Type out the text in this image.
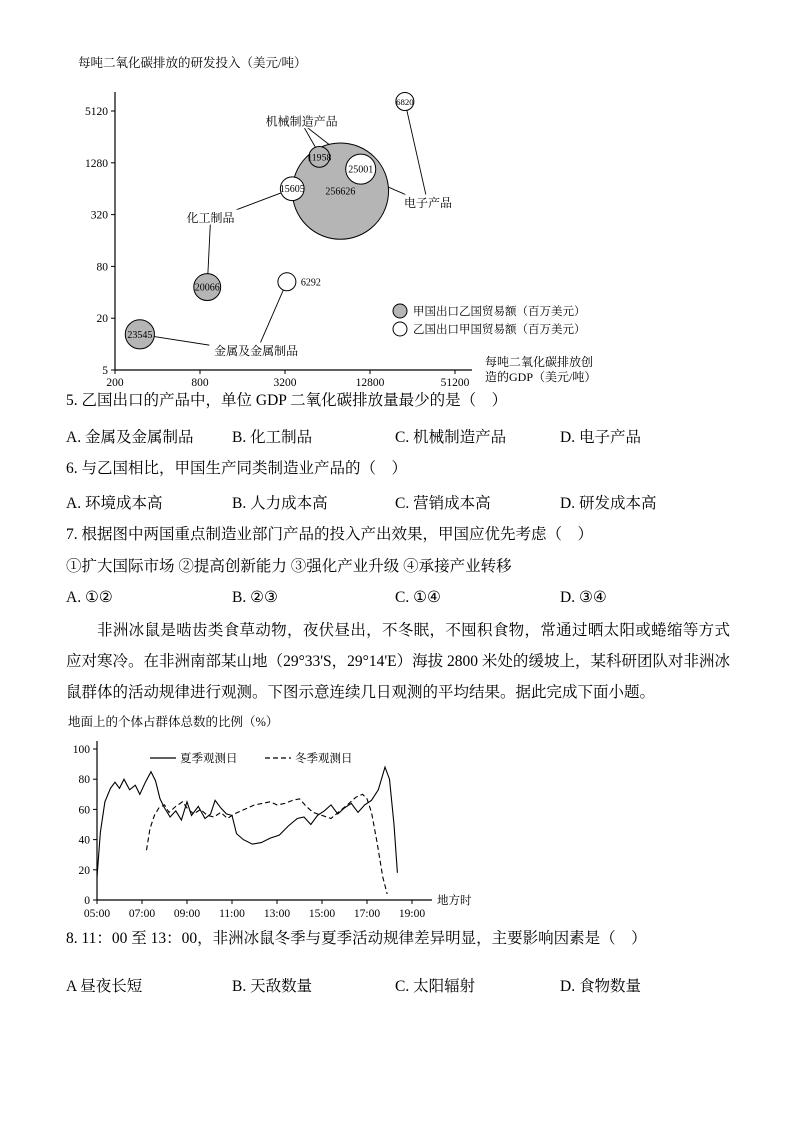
每吨二氧化碳排放的研发投入（美元/吨）
5
20
80
320
1280
5120
200	800	3200	12800	51200
每吨二氧化碳排放创
造的GDP（美元/吨）
256626
25001
23545
20066
15605
11958
6820
6292
机械制造产品
化工制品
金属及金属制品
电子产品
甲国出口乙国贸易额（百万美元）
乙国出口甲国贸易额（百万美元）
5. 乙国出口的产品中，单位 GDP 二氧化碳排放量最少的是（　）
A. 金属及金属制品	B. 化工制品	C. 机械制造产品	D. 电子产品
6. 与乙国相比，甲国生产同类制造业产品的（　）
A. 环境成本高	B. 人力成本高	C. 营销成本高	D. 研发成本高
7. 根据图中两国重点制造业部门产品的投入产出效果，甲国应优先考虑（　）
①扩大国际市场 ②提高创新能力 ③强化产业升级 ④承接产业转移
A. ①②	B. ②③	C. ①④	D. ③④
非洲冰鼠是啮齿类食草动物，夜伏昼出，不冬眠，不囤积食物，常通过晒太阳或蜷缩等方式应对寒冷。在非洲南部某山地（29°33'S，29°14'E）海拔 2800 米处的缓坡上，某科研团队对非洲冰鼠群体的活动规律进行观测。下图示意连续几日观测的平均结果。据此完成下面小题。
地面上的个体占群体总数的比例（%）
0
20
40
60
80
100
05:00 07:00 09:00 11:00 13:00 15:00 17:00 19:00
地方时
夏季观测日	冬季观测日
8. 11：00 至 13：00，非洲冰鼠冬季与夏季活动规律差异明显，主要影响因素是（　）
A 昼夜长短	B. 天敌数量	C. 太阳辐射	D. 食物数量
